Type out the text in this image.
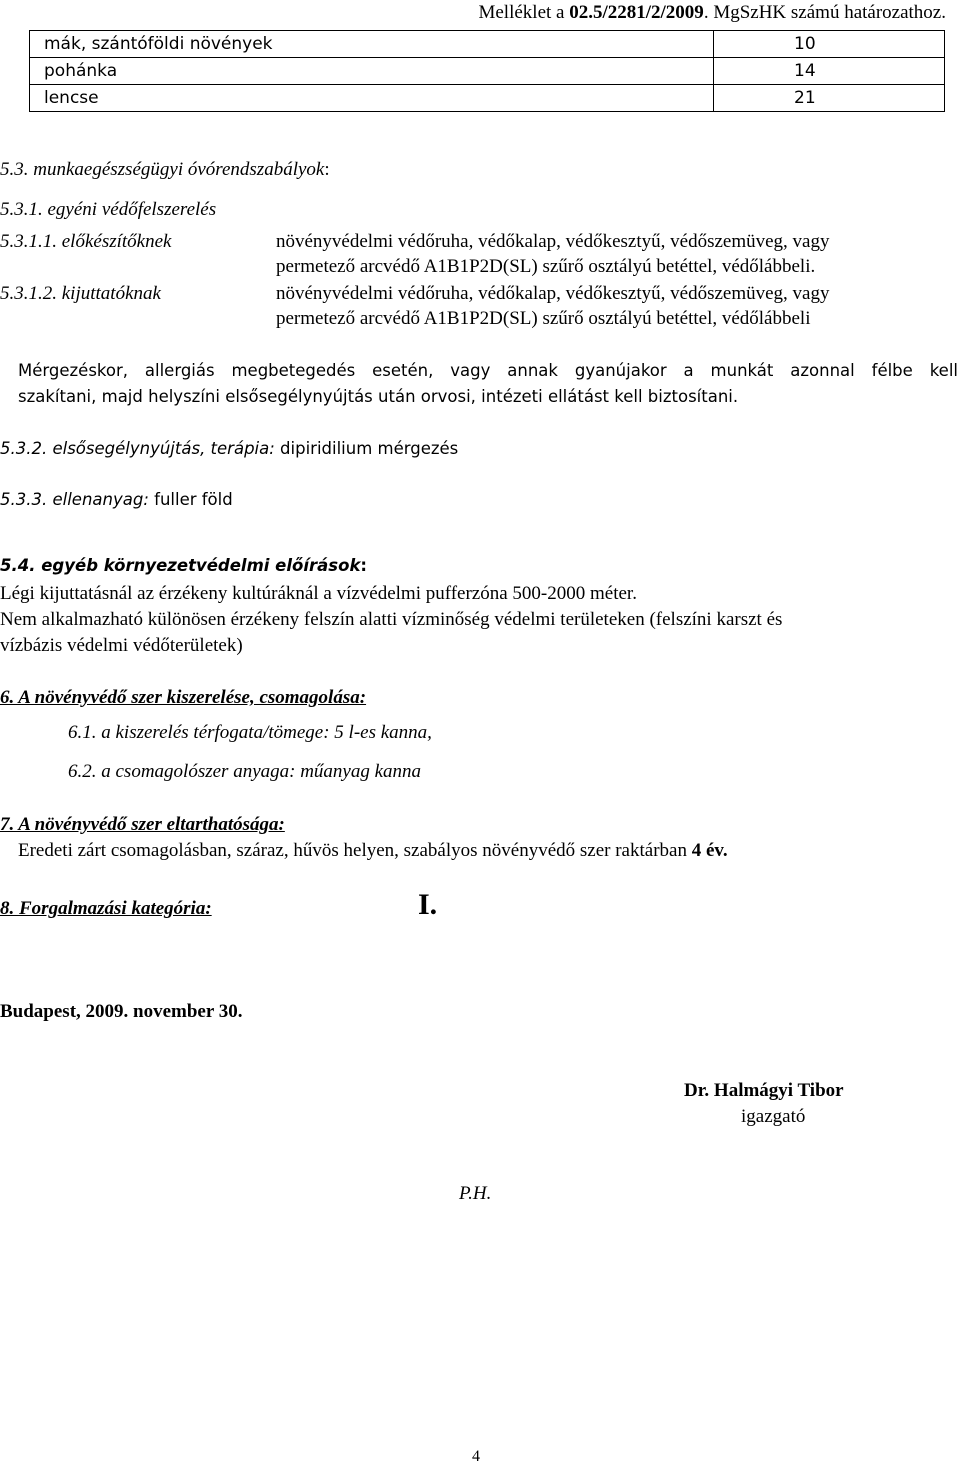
Melléklet a 02.5/2281/2/2009. MgSzHK számú határozathoz.
mák, szántóföldi növények	10
pohánka	14
lencse	21
5.3. munkaegészségügyi óvórendszabályok:
5.3.1. egyéni védőfelszerelés
5.3.1.1. előkészítőknek	növényvédelmi védőruha, védőkalap, védőkesztyű, védőszemüveg, vagy
permetező arcvédő A1B1P2D(SL) szűrő osztályú betéttel, védőlábbeli.
5.3.1.2. kijuttatóknak	növényvédelmi védőruha, védőkalap, védőkesztyű, védőszemüveg, vagy
permetező arcvédő A1B1P2D(SL) szűrő osztályú betéttel, védőlábbeli
Mérgezéskor, allergiás megbetegedés esetén, vagy annak gyanújakor a munkát azonnal félbe kell
szakítani, majd helyszíni elsősegélynyújtás után orvosi, intézeti ellátást kell biztosítani.
5.3.2. elsősegélynyújtás, terápia: dipiridilium mérgezés
5.3.3. ellenanyag: fuller föld
5.4. egyéb környezetvédelmi előírások:
Légi kijuttatásnál az érzékeny kultúráknál a vízvédelmi pufferzóna 500-2000 méter.
Nem alkalmazható különösen érzékeny felszín alatti vízminőség védelmi területeken (felszíni karszt és
vízbázis védelmi védőterületek)
6. A növényvédő szer kiszerelése, csomagolása:
6.1. a kiszerelés térfogata/tömege: 5 l-es kanna,
6.2. a csomagolószer anyaga: műanyag kanna
7. A növényvédő szer eltarthatósága:
Eredeti zárt csomagolásban, száraz, hűvös helyen, szabályos növényvédő szer raktárban 4 év.
8. Forgalmazási kategória:	I.
Budapest, 2009. november 30.
Dr. Halmágyi Tibor
igazgató
P.H.
4
